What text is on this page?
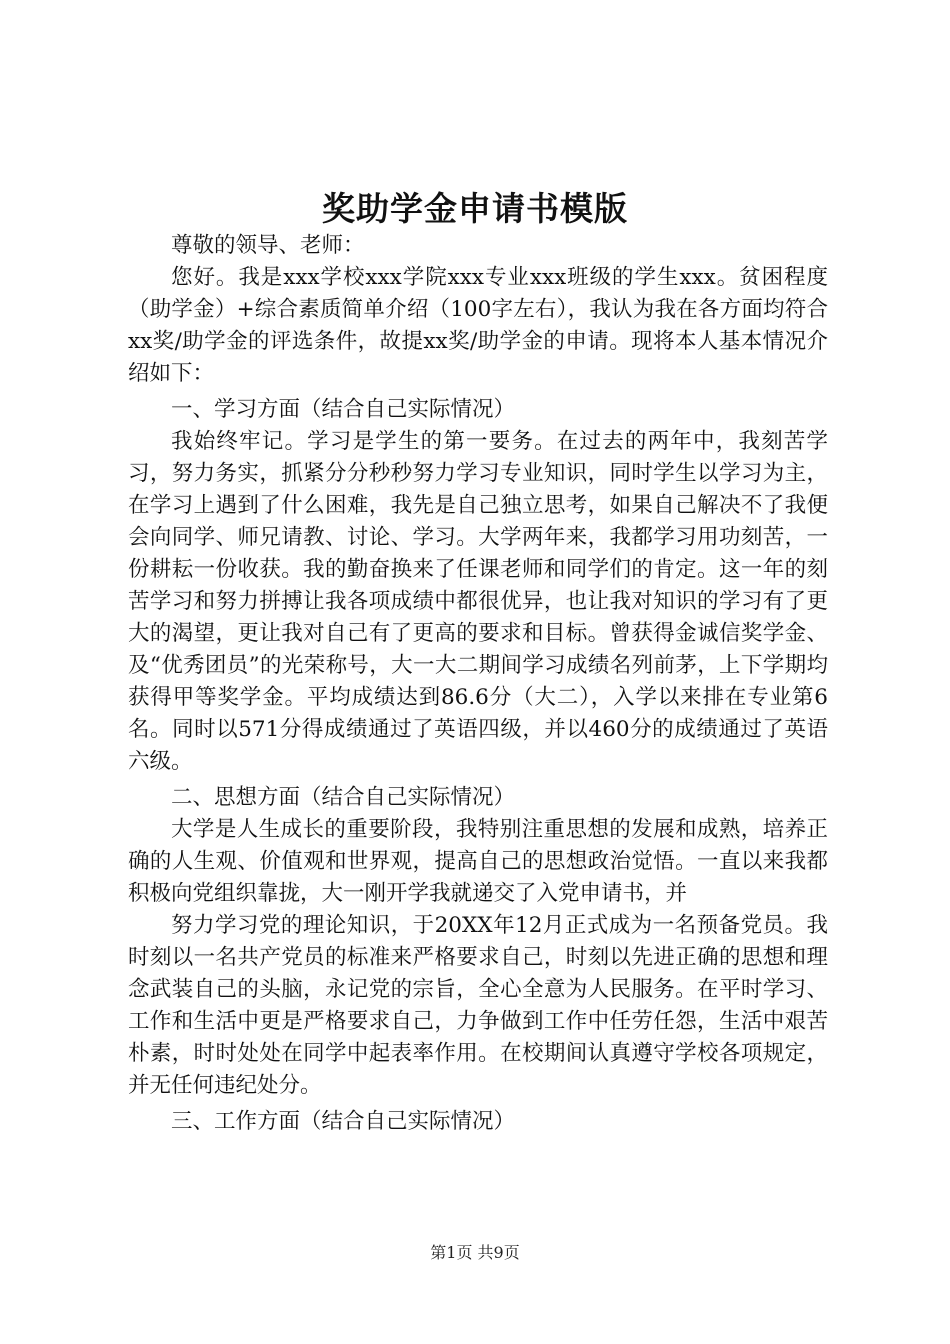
奖助学金申请书模版

尊敬的领导、老师：

您好。我是xxx学校xxx学院xxx专业xxx班级的学生xxx。贫困程度（助学金）+综合素质简单介绍（100字左右），我认为我在各方面均符合xx奖/助学金的评选条件，故提xx奖/助学金的申请。现将本人基本情况介绍如下：

一、学习方面（结合自己实际情况）

我始终牢记。学习是学生的第一要务。在过去的两年中，我刻苦学习，努力务实，抓紧分分秒秒努力学习专业知识，同时学生以学习为主，在学习上遇到了什么困难，我先是自己独立思考，如果自己解决不了我便会向同学、师兄请教、讨论、学习。大学两年来，我都学习用功刻苦，一份耕耘一份收获。我的勤奋换来了任课老师和同学们的肯定。这一年的刻苦学习和努力拼搏让我各项成绩中都很优异，也让我对知识的学习有了更大的渴望，更让我对自己有了更高的要求和目标。曾获得金诚信奖学金、及“优秀团员”的光荣称号，大一大二期间学习成绩名列前茅，上下学期均获得甲等奖学金。平均成绩达到86.6分（大二），入学以来排在专业第6名。同时以571分得成绩通过了英语四级，并以460分的成绩通过了英语六级。

二、思想方面（结合自己实际情况）

大学是人生成长的重要阶段，我特别注重思想的发展和成熟，培养正确的人生观、价值观和世界观，提高自己的思想政治觉悟。一直以来我都积极向党组织靠拢，大一刚开学我就递交了入党申请书，并

努力学习党的理论知识，于20XX年12月正式成为一名预备党员。我时刻以一名共产党员的标准来严格要求自己，时刻以先进正确的思想和理念武装自己的头脑，永记党的宗旨，全心全意为人民服务。在平时学习、工作和生活中更是严格要求自己，力争做到工作中任劳任怨，生活中艰苦朴素，时时处处在同学中起表率作用。在校期间认真遵守学校各项规定，并无任何违纪处分。

三、工作方面（结合自己实际情况）

第1页 共9页
